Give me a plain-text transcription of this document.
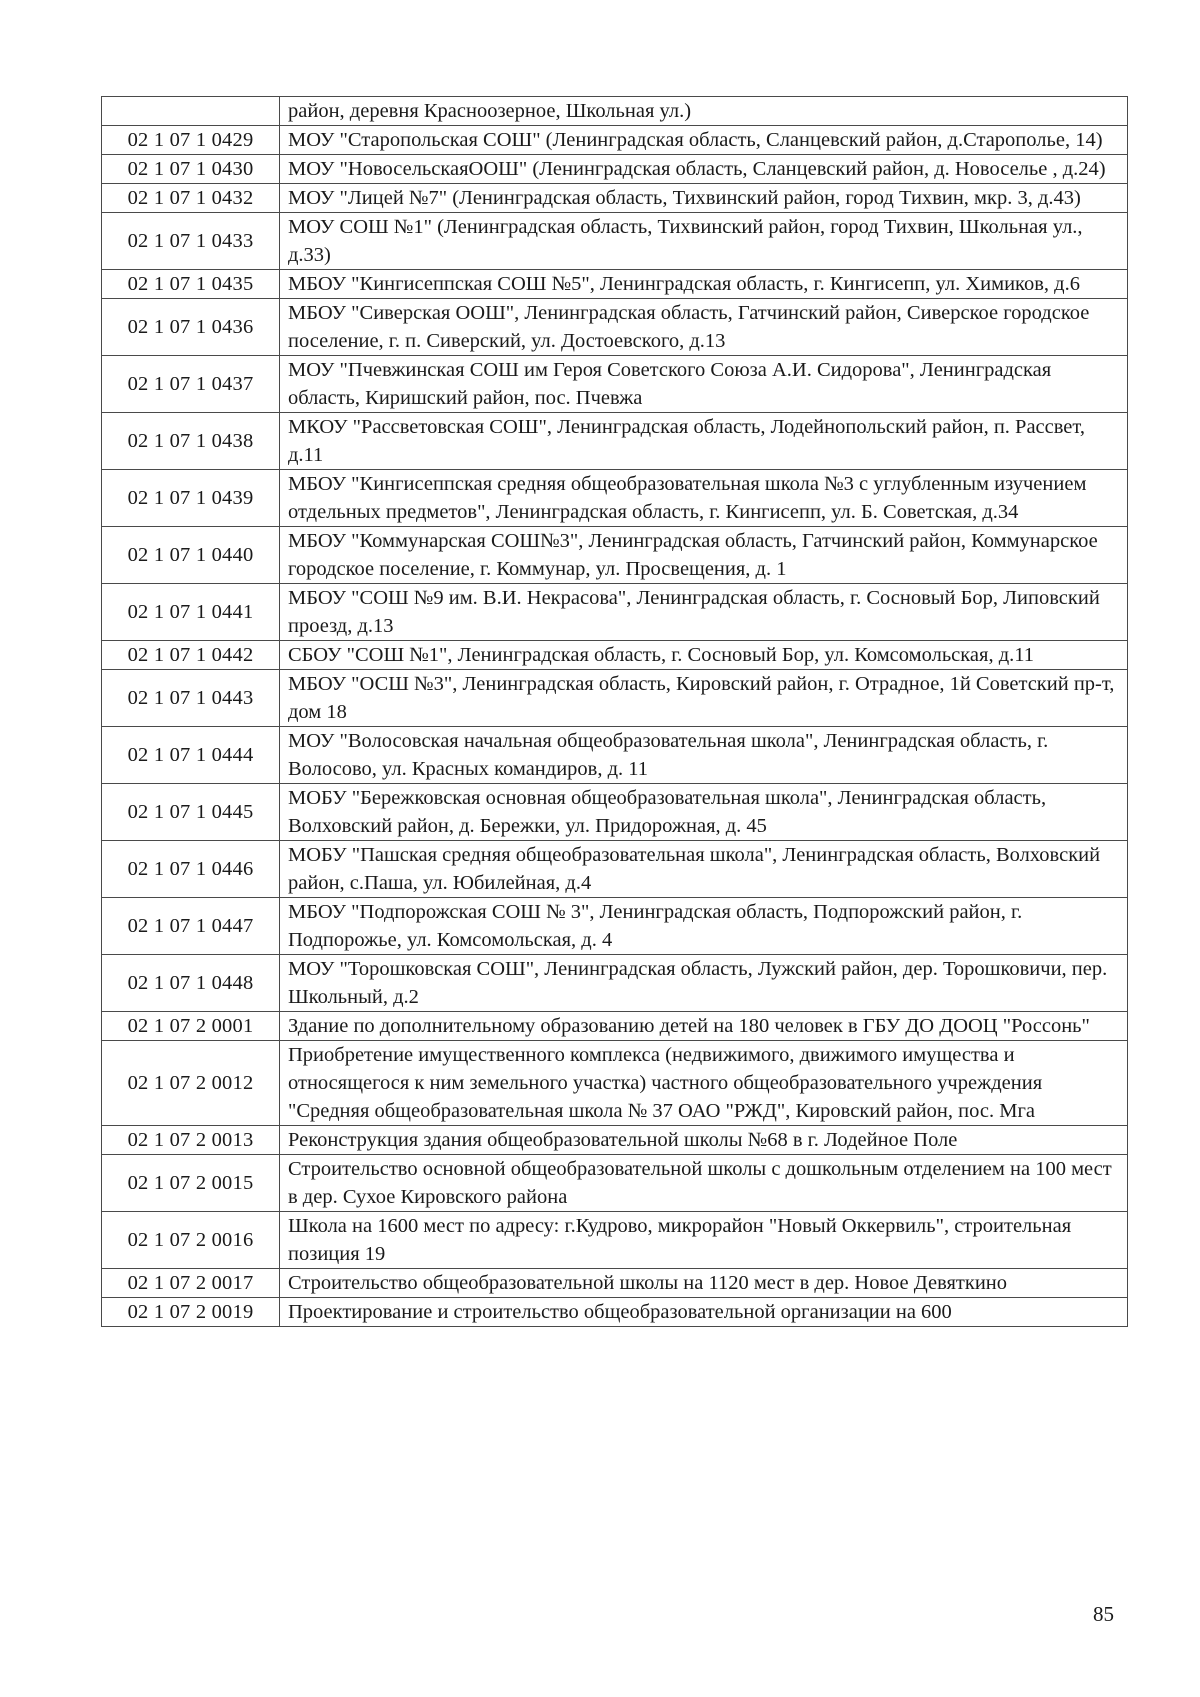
	район, деревня Красноозерное, Школьная ул.)
02 1 07 1 0429	МОУ "Старопольская СОШ" (Ленинградская область, Сланцевский район, д.Старополье, 14)
02 1 07 1 0430	МОУ "НовосельскаяООШ" (Ленинградская область, Сланцевский район, д. Новоселье , д.24)
02 1 07 1 0432	МОУ "Лицей №7" (Ленинградская область, Тихвинский район, город Тихвин, мкр. 3, д.43)
02 1 07 1 0433	МОУ СОШ №1" (Ленинградская область, Тихвинский район, город Тихвин, Школьная ул., д.33)
02 1 07 1 0435	МБОУ "Кингисеппская СОШ №5", Ленинградская область, г. Кингисепп, ул. Химиков, д.6
02 1 07 1 0436	МБОУ "Сиверская ООШ", Ленинградская область, Гатчинский район, Сиверское городское поселение, г. п. Сиверский, ул. Достоевского, д.13
02 1 07 1 0437	МОУ "Пчевжинская СОШ им Героя Советского Союза А.И. Сидорова", Ленинградская область, Киришский район, пос. Пчевжа
02 1 07 1 0438	МКОУ "Рассветовская СОШ", Ленинградская область, Лодейнопольский район, п. Рассвет, д.11
02 1 07 1 0439	МБОУ "Кингисеппская средняя общеобразовательная школа №3 с углубленным изучением отдельных предметов", Ленинградская область, г. Кингисепп, ул. Б. Советская, д.34
02 1 07 1 0440	МБОУ "Коммунарская СОШ№3", Ленинградская область, Гатчинский район, Коммунарское городское поселение, г. Коммунар, ул. Просвещения, д. 1
02 1 07 1 0441	МБОУ "СОШ №9 им. В.И. Некрасова", Ленинградская область, г. Сосновый Бор, Липовский проезд, д.13
02 1 07 1 0442	СБОУ "СОШ №1", Ленинградская область, г. Сосновый Бор, ул. Комсомольская, д.11
02 1 07 1 0443	МБОУ "ОСШ №3", Ленинградская область, Кировский район, г. Отрадное, 1й Советский пр-т, дом 18
02 1 07 1 0444	МОУ "Волосовская начальная общеобразовательная школа", Ленинградская область, г. Волосово, ул. Красных командиров, д. 11
02 1 07 1 0445	МОБУ "Бережковская основная общеобразовательная школа", Ленинградская область, Волховский район, д. Бережки, ул. Придорожная, д. 45
02 1 07 1 0446	МОБУ "Пашская средняя общеобразовательная школа", Ленинградская область, Волховский район, с.Паша, ул. Юбилейная, д.4
02 1 07 1 0447	МБОУ "Подпорожская СОШ № 3", Ленинградская область, Подпорожский район, г. Подпорожье, ул. Комсомольская, д. 4
02 1 07 1 0448	МОУ "Торошковская СОШ", Ленинградская область, Лужский район, дер. Торошковичи, пер. Школьный, д.2
02 1 07 2 0001	Здание по дополнительному образованию детей на 180 человек в ГБУ ДО ДООЦ "Россонь"
02 1 07 2 0012	Приобретение имущественного комплекса (недвижимого, движимого имущества и относящегося к ним земельного участка) частного общеобразовательного учреждения "Средняя общеобразовательная школа № 37 ОАО "РЖД", Кировский район, пос. Мга
02 1 07 2 0013	Реконструкция здания общеобразовательной школы №68 в г. Лодейное Поле
02 1 07 2 0015	Строительство основной общеобразовательной школы с дошкольным отделением на 100 мест в дер. Сухое Кировского района
02 1 07 2 0016	Школа на 1600 мест по адресу: г.Кудрово, микрорайон "Новый Оккервиль", строительная позиция 19
02 1 07 2 0017	Строительство общеобразовательной школы на 1120 мест в дер. Новое Девяткино
02 1 07 2 0019	Проектирование и строительство общеобразовательной организации на 600
85
